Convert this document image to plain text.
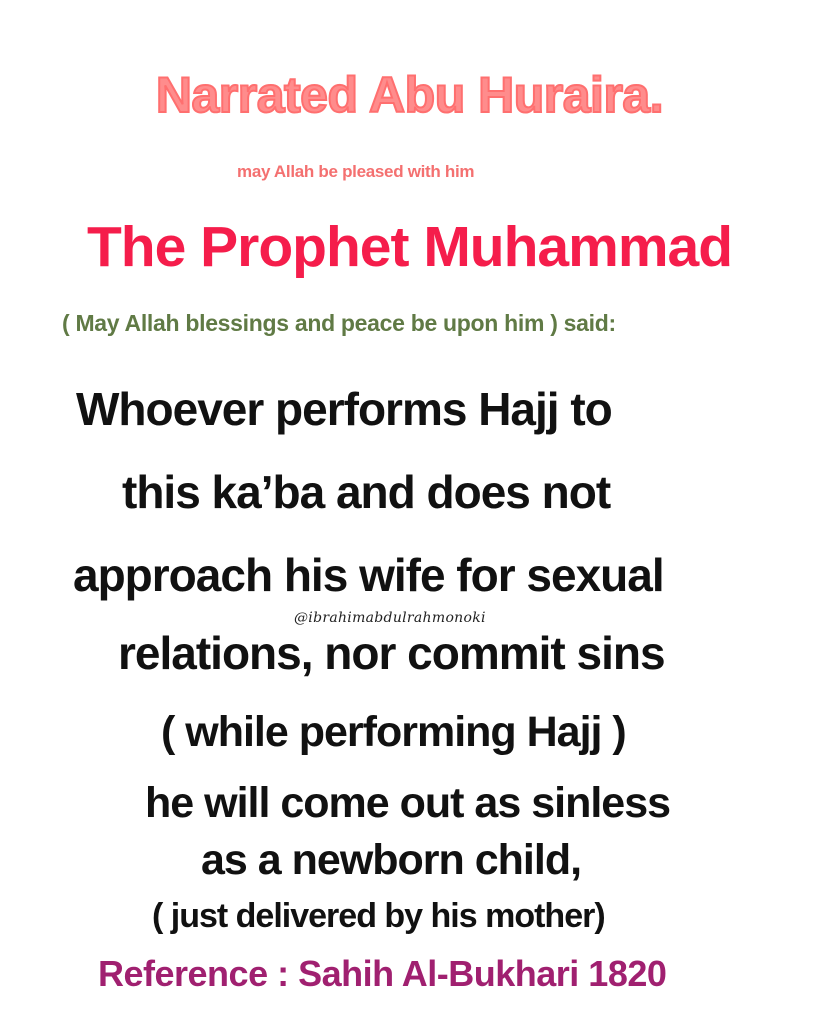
Narrated Abu Huraira.
may Allah be pleased with him
The Prophet Muhammad
( May Allah blessings and peace be upon him ) said:
Whoever performs Hajj to
this ka’ba and does not
approach his wife for sexual
relations, nor commit sins
( while performing Hajj )
he will come out as sinless
as a newborn child,
( just delivered by his mother)
@ibrahimabdulrahmonoki
Reference : Sahih Al-Bukhari 1820
